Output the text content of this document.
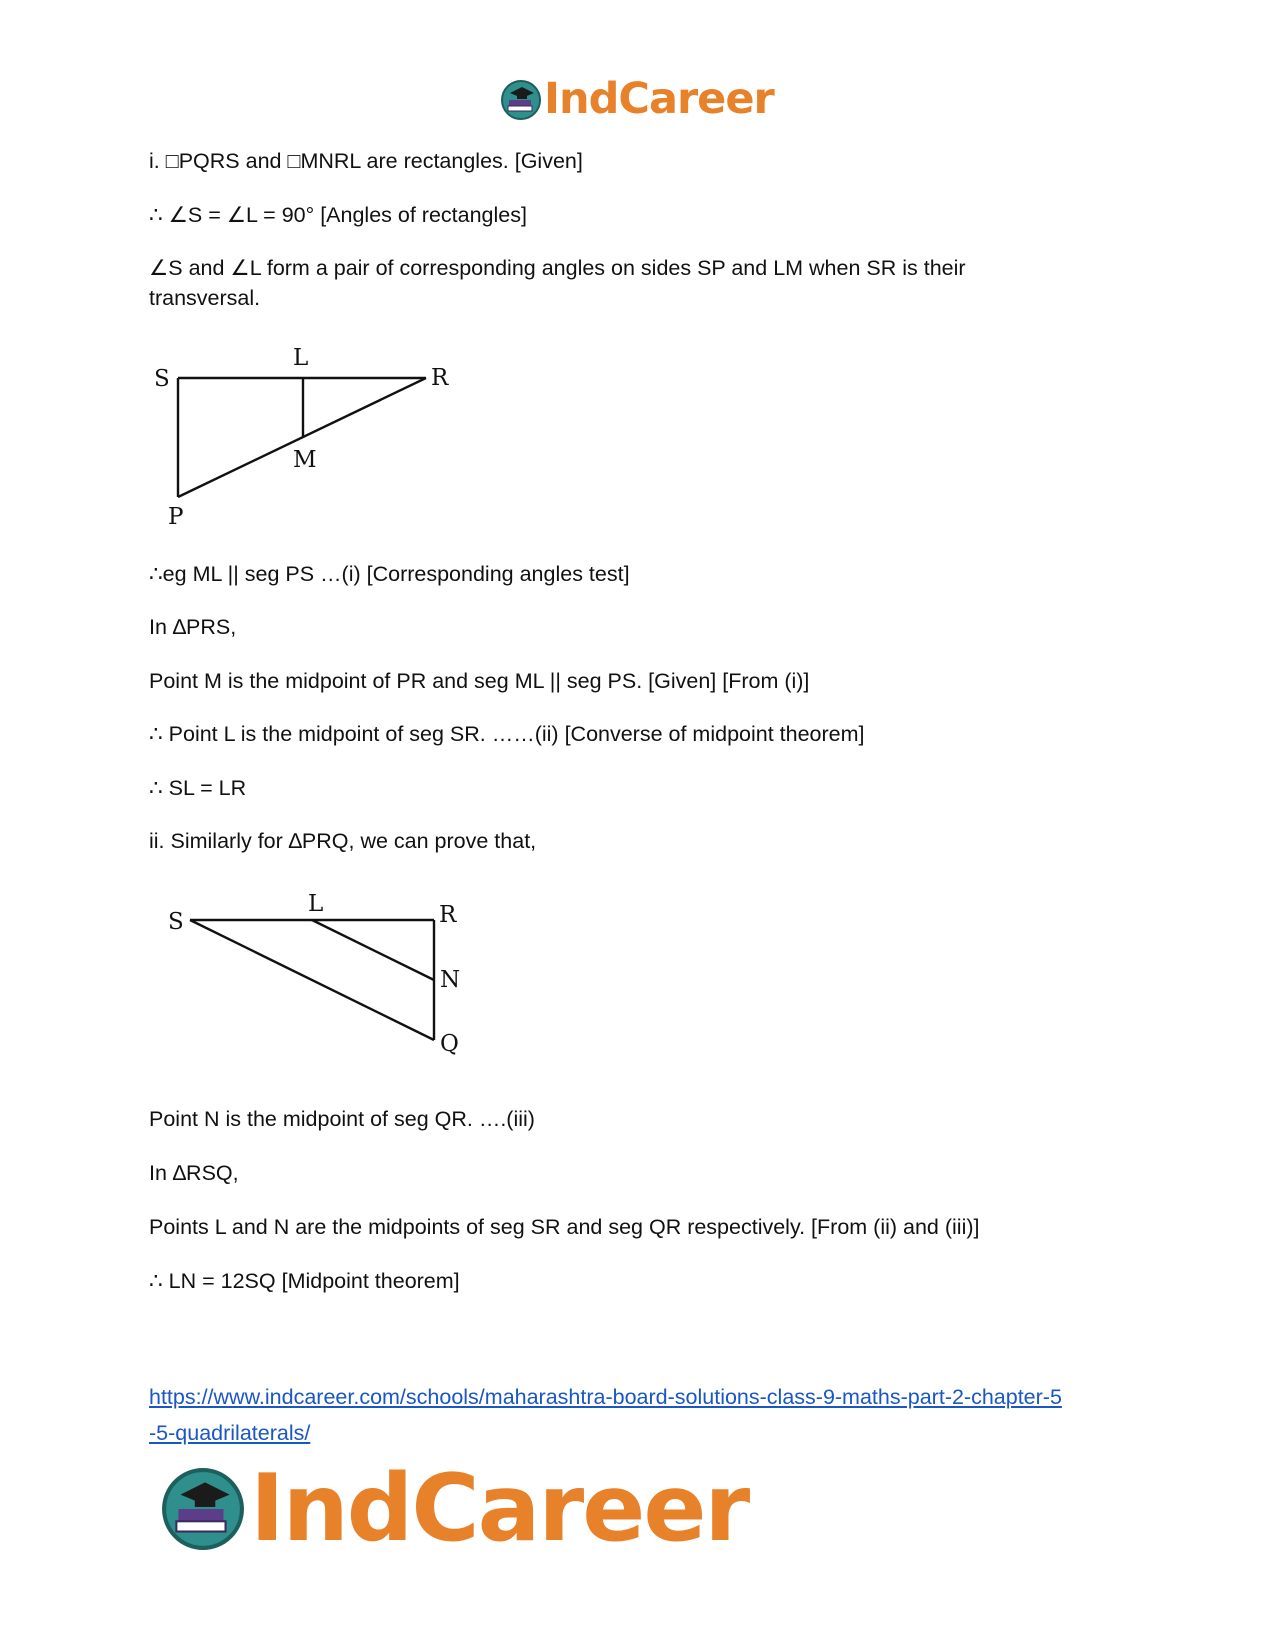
IndCareer

i. □PQRS and □MNRL are rectangles. [Given]

∴ ∠S = ∠L = 90° [Angles of rectangles]

∠S and ∠L form a pair of corresponding angles on sides SP and LM when SR is their

transversal.

S
L
R
M
P

∴eg ML || seg PS …(i) [Corresponding angles test]

In ∆PRS,

Point M is the midpoint of PR and seg ML || seg PS. [Given] [From (i)]

∴ Point L is the midpoint of seg SR. ……(ii) [Converse of midpoint theorem]

∴ SL = LR

ii. Similarly for ∆PRQ, we can prove that,

S
L	R
N
Q

Point N is the midpoint of seg QR. ….(iii)

In ∆RSQ,

Points L and N are the midpoints of seg SR and seg QR respectively. [From (ii) and (iii)]

∴ LN = 12SQ [Midpoint theorem]

https://www.indcareer.com/schools/maharashtra-board-solutions-class-9-maths-part-2-chapter-5
-5-quadrilaterals/
IndCareer
